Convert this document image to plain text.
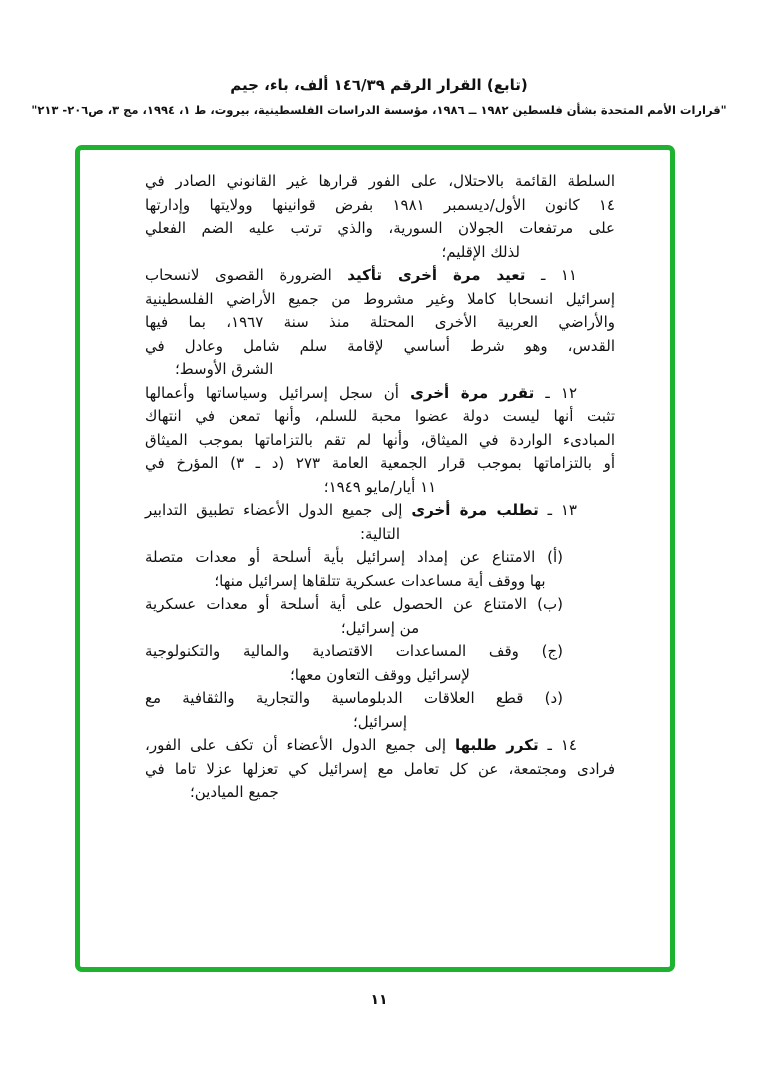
(تابع) القرار الرقم ١٤٦/٣٩ ألف، باء، جيم
"قرارات الأمم المتحدة بشأن فلسطين ١٩٨٢ ــ ١٩٨٦، مؤسسة الدراسات الفلسطينية، بيروت، ط ١، ١٩٩٤، مج ٣، ص٢٠٦- ٢١٣"
السلطة القائمة بالاحتلال، على الفور قرارها غير القانوني الصادر في
١٤ كانون الأول/ديسمبر ١٩٨١ بفرض قوانينها وولايتها وإدارتها
على مرتفعات الجولان السورية، والذي ترتب عليه الضم الفعلي
لذلك الإقليم؛
١١ ـ تعيد مرة أخرى تأكيد الضرورة القصوى لانسحاب
إسرائيل انسحابا كاملا وغير مشروط من جميع الأراضي الفلسطينية
والأراضي العربية الأخرى المحتلة منذ سنة ١٩٦٧، بما فيها
القدس، وهو شرط أساسي لإقامة سلم شامل وعادل في
الشرق الأوسط؛
١٢ ـ تقرر مرة أخرى أن سجل إسرائيل وسياساتها وأعمالها
تثبت أنها ليست دولة عضوا محبة للسلم، وأنها تمعن في انتهاك
المبادىء الواردة في الميثاق، وأنها لم تقم بالتزاماتها بموجب الميثاق
أو بالتزاماتها بموجب قرار الجمعية العامة ٢٧٣ (د ـ ٣) المؤرخ في
١١ أيار/مايو ١٩٤٩؛
١٣ ـ تطلب مرة أخرى إلى جميع الدول الأعضاء تطبيق التدابير
التالية:
(أ) الامتناع عن إمداد إسرائيل بأية أسلحة أو معدات متصلة
بها ووقف أية مساعدات عسكرية تتلقاها إسرائيل منها؛
(ب) الامتناع عن الحصول على أية أسلحة أو معدات عسكرية
من إسرائيل؛
(ج) وقف المساعدات الاقتصادية والمالية والتكنولوجية
لإسرائيل ووقف التعاون معها؛
(د) قطع العلاقات الدبلوماسية والتجارية والثقافية مع
إسرائيل؛
١٤ ـ تكرر طلبها إلى جميع الدول الأعضاء أن تكف على الفور،
فرادى ومجتمعة، عن كل تعامل مع إسرائيل كي تعزلها عزلا تاما في
جميع الميادين؛
١١
